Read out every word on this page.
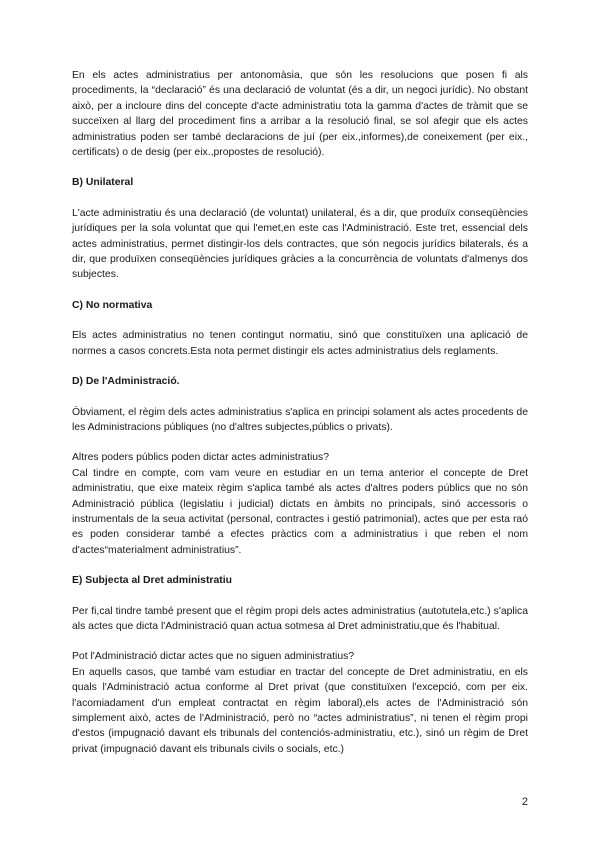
En els actes administratius per antonomàsia, que són les resolucions que posen fi als procediments, la “declaració” és una declaració de voluntat (és a dir, un negoci jurídic). No obstant això, per a incloure dins del concepte d'acte administratiu tota la gamma d'actes de tràmit que se succeïxen al llarg del procediment fins a arribar a la resolució final, se sol afegir que els actes administratius poden ser també declaracions de juí (per eix.,informes),de coneixement (per eix., certificats) o de desig (per eix.,propostes de resolució).

B) Unilateral

L'acte administratiu és una declaració (de voluntat) unilateral, és a dir, que produïx conseqüències jurídiques per la sola voluntat que qui l'emet,en este cas l'Administració. Este tret, essencial dels actes administratius, permet distingir-los dels contractes, que són negocis jurídics bilaterals, és a dir, que produïxen conseqüències jurídiques gràcies a la concurrència de voluntats d'almenys dos subjectes.

C) No normativa

Els actes administratius no tenen contingut normatiu, sinó que constituïxen una aplicació de normes a casos concrets.Esta nota permet distingir els actes administratius dels reglaments.

D) De l'Administració.

Òbviament, el règim dels actes administratius s'aplica en principi solament als actes procedents de les Administracions públiques (no d'altres subjectes,públics o privats).

Altres poders públics poden dictar actes administratius?

Cal tindre en compte, com vam veure en estudiar en un tema anterior el concepte de Dret administratiu, que eixe mateix règim s'aplica també als actes d'altres poders públics que no són Administració pública (legislatiu i judicial) dictats en àmbits no principals, sinó accessoris o instrumentals de la seua activitat (personal, contractes i gestió patrimonial), actes que per esta raó es poden considerar també a efectes pràctics com a administratius i que reben el nom d'actes“materialment administratius”.

E) Subjecta al Dret administratiu

Per fi,cal tindre també present que el règim propi dels actes administratius (autotutela,etc.) s'aplica als actes que dicta l'Administració quan actua sotmesa al Dret administratiu,que és l'habitual.

Pot l'Administració dictar actes que no siguen administratius?

En aquells casos, que també vam estudiar en tractar del concepte de Dret administratiu, en els quals l'Administració actua conforme al Dret privat (que constituïxen l'excepció, com per eix. l'acomiadament d'un empleat contractat en règim laboral),els actes de l'Administració són simplement això, actes de l'Administració, però no “actes administratius”, ni tenen el règim propi d'estos (impugnació davant els tribunals del contenciós-administratiu, etc.), sinó un règim de Dret privat (impugnació davant els tribunals civils o socials, etc.)

2
